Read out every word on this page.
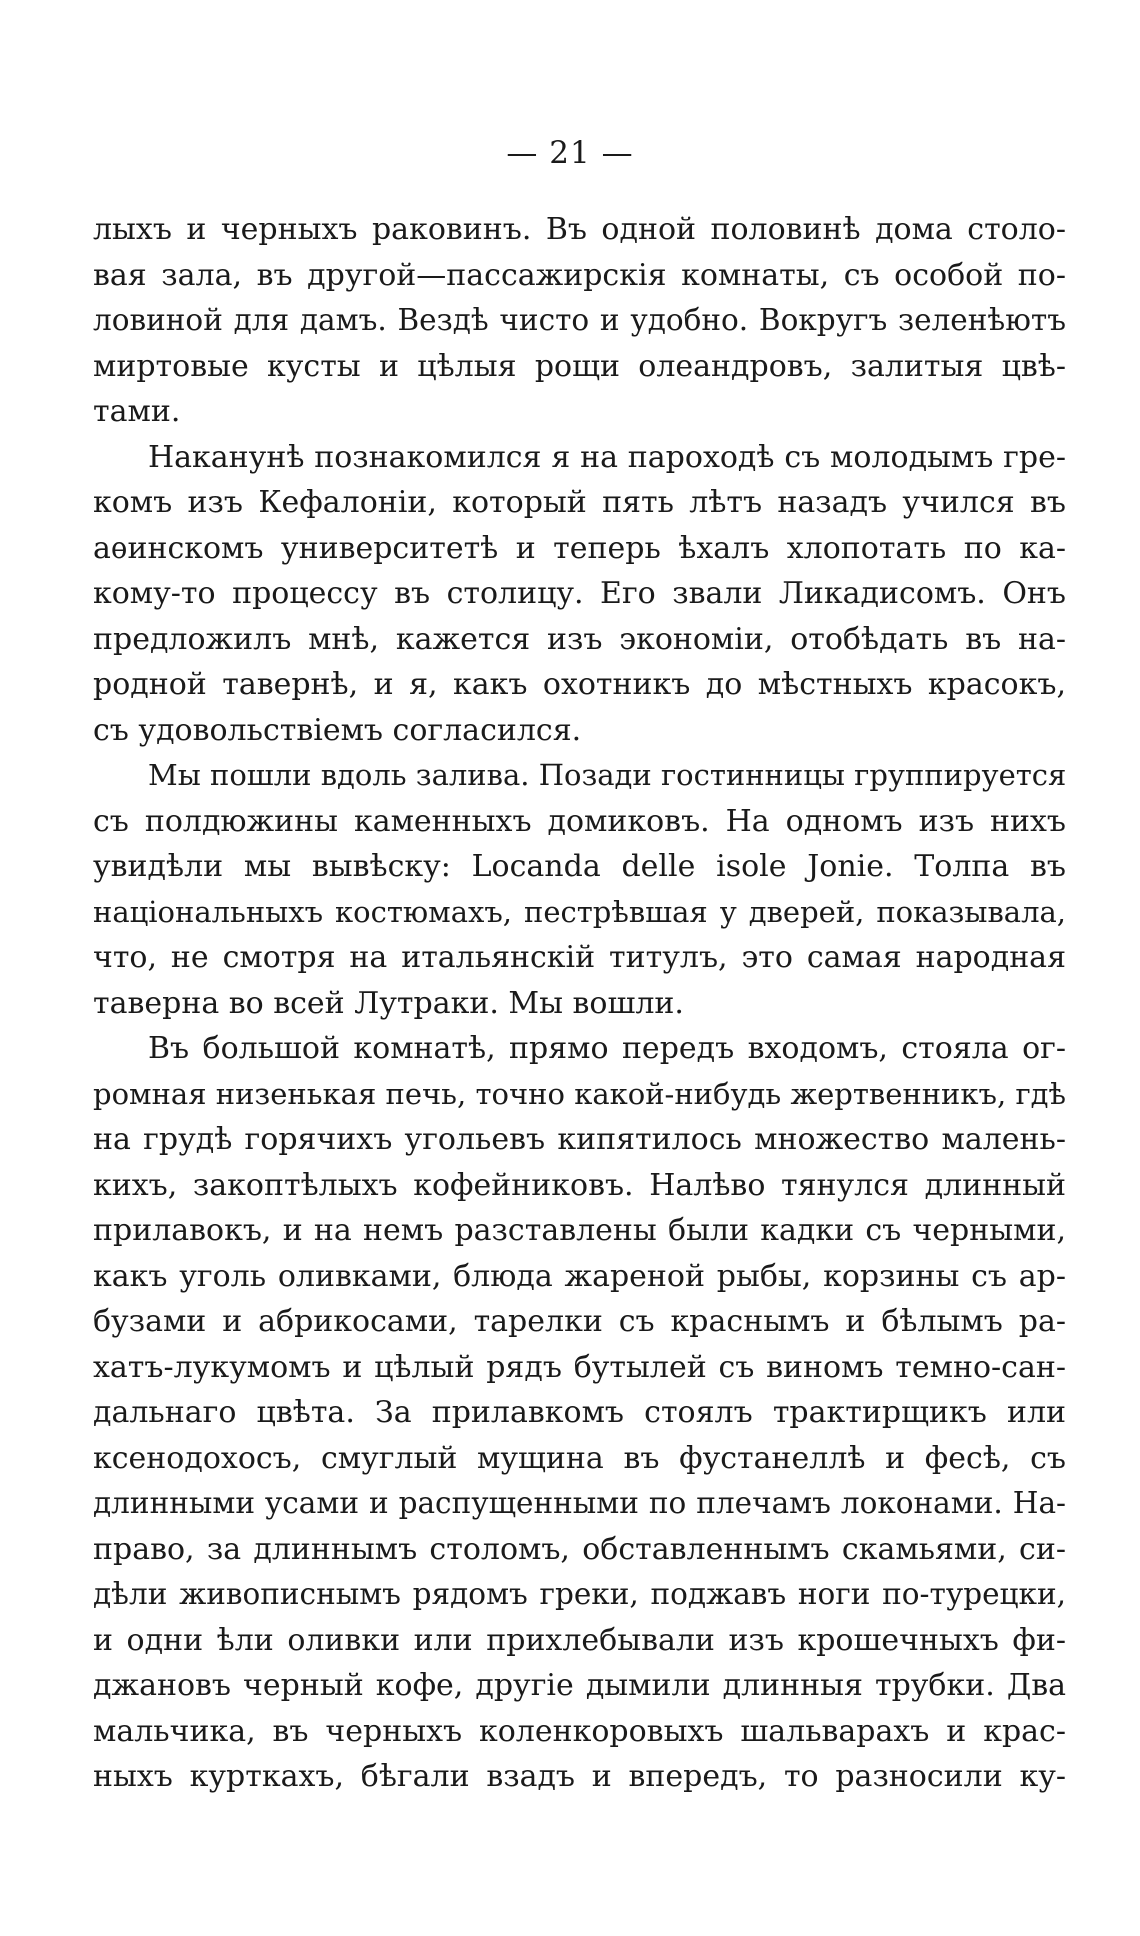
— 21 —
лыхъ и черныхъ раковинъ. Въ одной половинѣ дома столо-
вая зала, въ другой—пассажирскія комнаты, съ особой по-
ловиной для дамъ. Вездѣ чисто и удобно. Вокругъ зеленѣютъ
миртовые кусты и цѣлыя рощи олеандровъ, залитыя цвѣ-
тами.
Наканунѣ познакомился я на пароходѣ съ молодымъ гре-
комъ изъ Кефалоніи, который пять лѣтъ назадъ учился въ
аѳинскомъ университетѣ и теперь ѣхалъ хлопотать по ка-
кому-то процессу въ столицу. Его звали Ликадисомъ. Онъ
предложилъ мнѣ, кажется изъ экономіи, отобѣдать въ на-
родной тавернѣ, и я, какъ охотникъ до мѣстныхъ красокъ,
съ удовольствіемъ согласился.
Мы пошли вдоль залива. Позади гостинницы группируется
съ полдюжины каменныхъ домиковъ. На одномъ изъ нихъ
увидѣли мы вывѣску: Locanda delle isole Jonie. Толпа въ
національныхъ костюмахъ, пестрѣвшая у дверей, показывала,
что, не смотря на итальянскій титулъ, это самая народная
таверна во всей Лутраки. Мы вошли.
Въ большой комнатѣ, прямо передъ входомъ, стояла ог-
ромная низенькая печь, точно какой-нибудь жертвенникъ, гдѣ
на грудѣ горячихъ угольевъ кипятилось множество малень-
кихъ, закоптѣлыхъ кофейниковъ. Налѣво тянулся длинный
прилавокъ, и на немъ разставлены были кадки съ черными,
какъ уголь оливками, блюда жареной рыбы, корзины съ ар-
бузами и абрикосами, тарелки съ краснымъ и бѣлымъ ра-
хатъ-лукумомъ и цѣлый рядъ бутылей съ виномъ темно-сан-
дальнаго цвѣта. За прилавкомъ стоялъ трактирщикъ или
ксенодохосъ, смуглый мущина въ фустанеллѣ и фесѣ, съ
длинными усами и распущенными по плечамъ локонами. На-
право, за длиннымъ столомъ, обставленнымъ скамьями, си-
дѣли живописнымъ рядомъ греки, поджавъ ноги по-турецки,
и одни ѣли оливки или прихлебывали изъ крошечныхъ фи-
джановъ черный кофе, другіе дымили длинныя трубки. Два
мальчика, въ черныхъ коленкоровыхъ шальварахъ и крас-
ныхъ курткахъ, бѣгали взадъ и впередъ, то разносили ку-
